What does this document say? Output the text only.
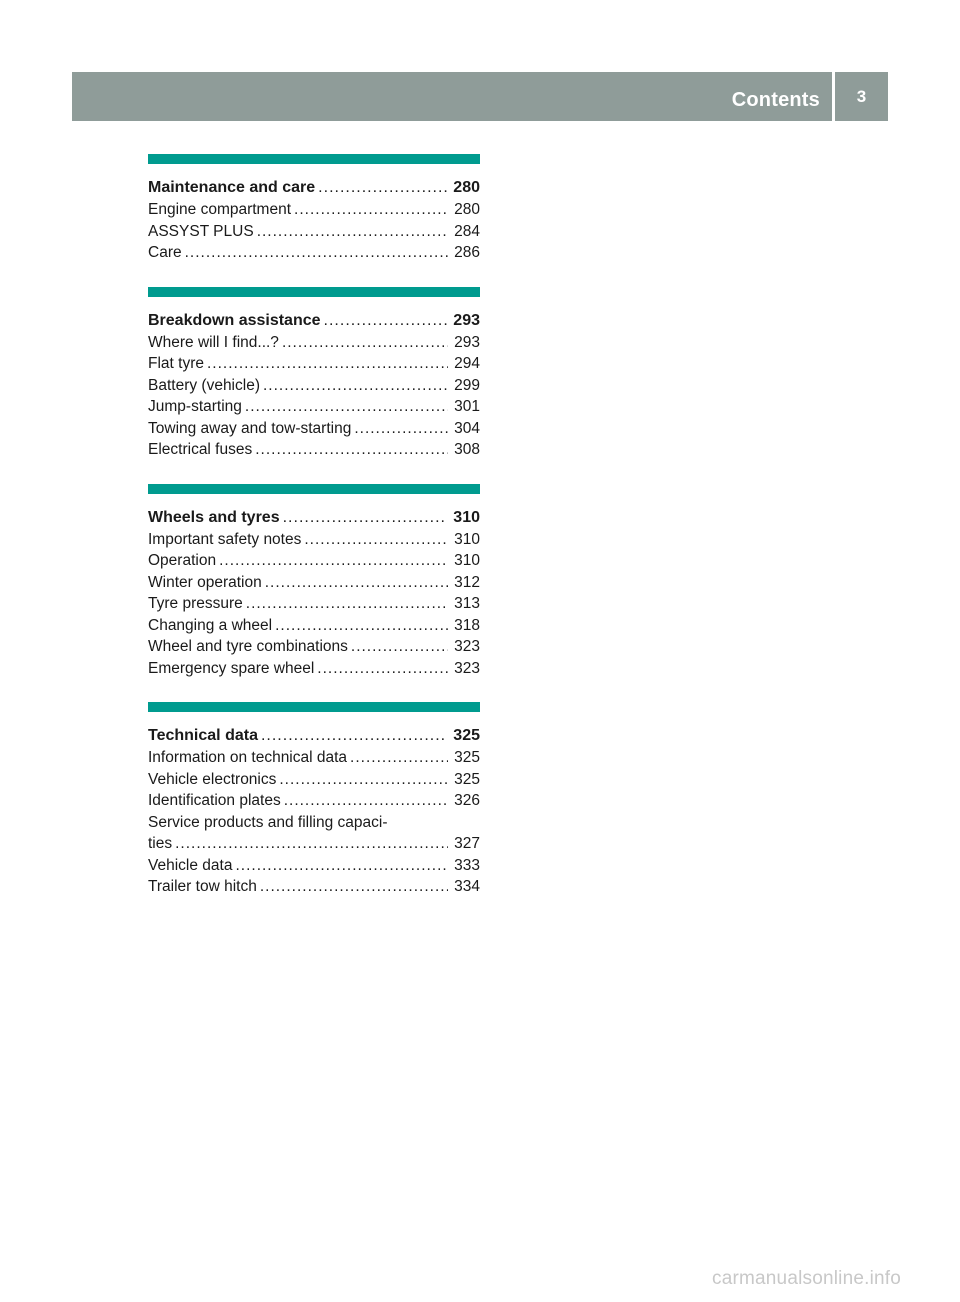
Contents	3
Maintenance and care .....	280
Engine compartment .....	280
ASSYST PLUS .....	284
Care .....	286
Breakdown assistance .....	293
Where will I find...? .....	293
Flat tyre .....	294
Battery (vehicle) .....	299
Jump-starting .....	301
Towing away and tow-starting .....	304
Electrical fuses .....	308
Wheels and tyres .....	310
Important safety notes .....	310
Operation .....	310
Winter operation .....	312
Tyre pressure .....	313
Changing a wheel .....	318
Wheel and tyre combinations .....	323
Emergency spare wheel .....	323
Technical data .....	325
Information on technical data .....	325
Vehicle electronics .....	325
Identification plates .....	326
Service products and filling capaci-
ties .....	327
Vehicle data .....	333
Trailer tow hitch .....	334
carmanualsonline.info
